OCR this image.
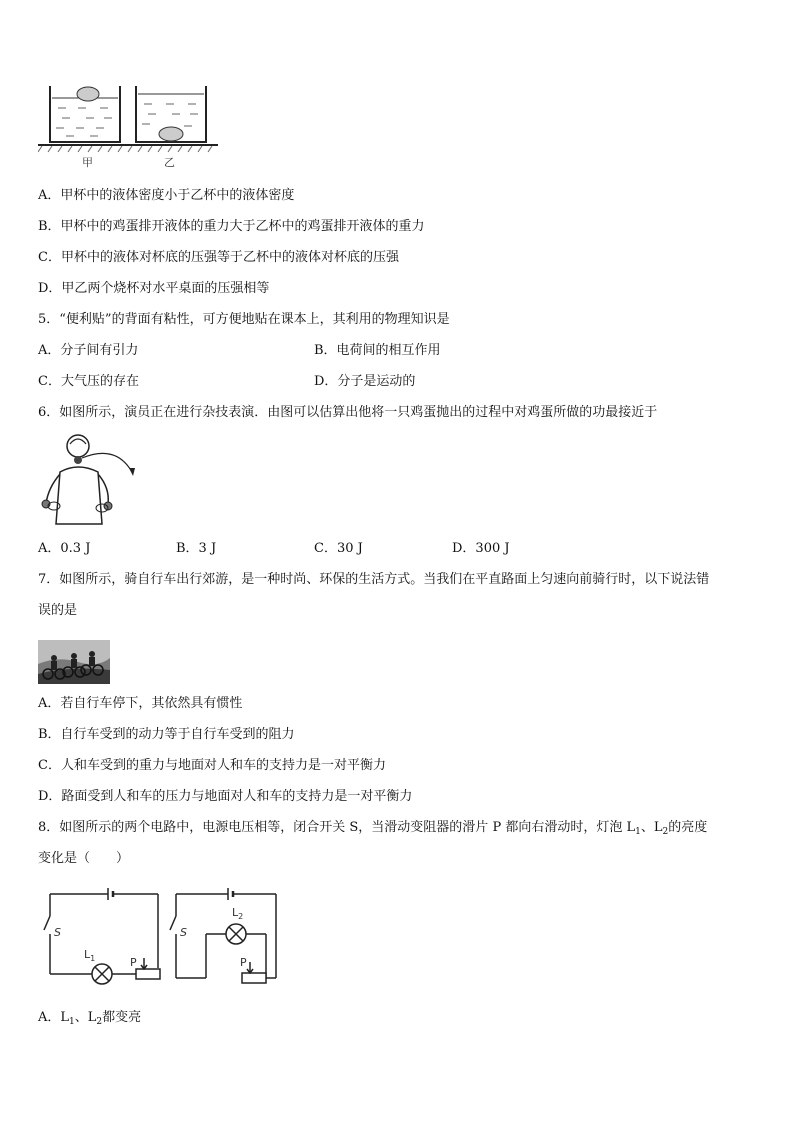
甲	乙
A．甲杯中的液体密度小于乙杯中的液体密度
B．甲杯中的鸡蛋排开液体的重力大于乙杯中的鸡蛋排开液体的重力
C．甲杯中的液体对杯底的压强等于乙杯中的液体对杯底的压强
D．甲乙两个烧杯对水平桌面的压强相等
5．“便利贴”的背面有粘性，可方便地贴在课本上，其利用的物理知识是
A．分子间有引力	B．电荷间的相互作用
C．大气压的存在	D．分子是运动的
6．如图所示，演员正在进行杂技表演．由图可以估算出他将一只鸡蛋抛出的过程中对鸡蛋所做的功最接近于
A．0.3 J	B．3 J	C．30 J	D．300 J
7．如图所示，骑自行车出行郊游，是一种时尚、环保的生活方式。当我们在平直路面上匀速向前骑行时，以下说法错
误的是
A．若自行车停下，其依然具有惯性
B．自行车受到的动力等于自行车受到的阻力
C．人和车受到的重力与地面对人和车的支持力是一对平衡力
D．路面受到人和车的压力与地面对人和车的支持力是一对平衡力
8．如图所示的两个电路中，电源电压相等，闭合开关 S，当滑动变阻器的滑片 P 都向右滑动时，灯泡 $L_1$、$L_2$的亮度
变化是（　　）
S
$L_1$	P
S
$L_2$
P
A．$L_1$、$L_2$都变亮
